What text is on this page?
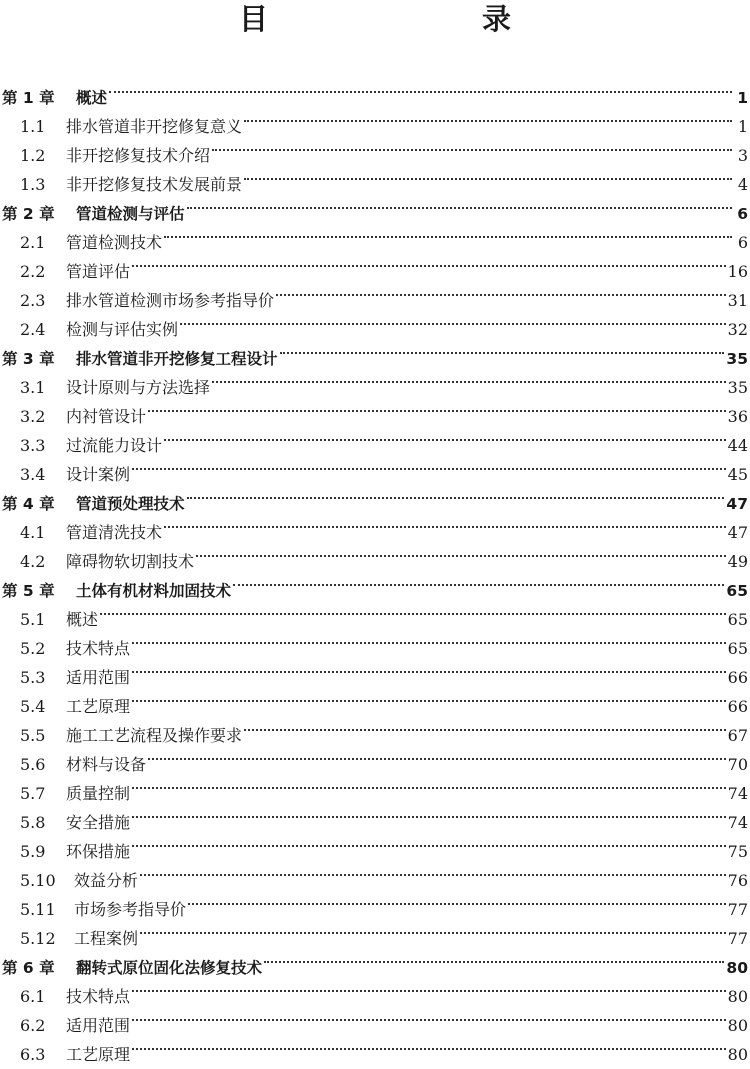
目　　录
第 1 章	概述	1
1.1	排水管道非开挖修复意义	1
1.2	非开挖修复技术介绍	3
1.3	非开挖修复技术发展前景	4
第 2 章	管道检测与评估	6
2.1	管道检测技术	6
2.2	管道评估	16
2.3	排水管道检测市场参考指导价	31
2.4	检测与评估实例	32
第 3 章	排水管道非开挖修复工程设计	35
3.1	设计原则与方法选择	35
3.2	内衬管设计	36
3.3	过流能力设计	44
3.4	设计案例	45
第 4 章	管道预处理技术	47
4.1	管道清洗技术	47
4.2	障碍物软切割技术	49
第 5 章	土体有机材料加固技术	65
5.1	概述	65
5.2	技术特点	65
5.3	适用范围	66
5.4	工艺原理	66
5.5	施工工艺流程及操作要求	67
5.6	材料与设备	70
5.7	质量控制	74
5.8	安全措施	74
5.9	环保措施	75
5.10	效益分析	76
5.11	市场参考指导价	77
5.12	工程案例	77
第 6 章	翻转式原位固化法修复技术	80
6.1	技术特点	80
6.2	适用范围	80
6.3	工艺原理	80
